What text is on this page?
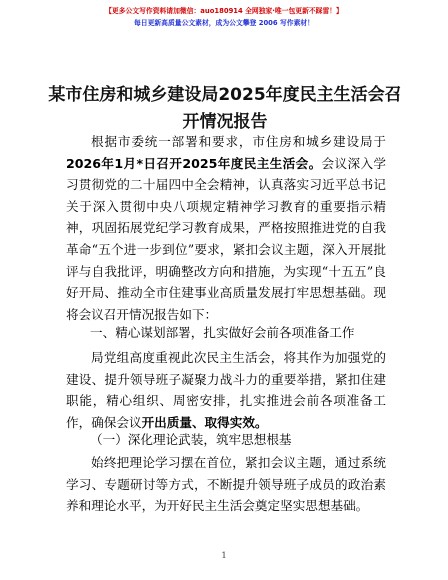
【更多公文写作资料请加微信：auo180914 全网独家·唯一包更新不踩雷！】
每日更新高质量公文素材，成为公文攀登 2006 写作素材！
某市住房和城乡建设局2025年度民主生活会召开情况报告
根据市委统一部署和要求，市住房和城乡建设局于2026年1月*日召开2025年度民主生活会。会议深入学习贯彻党的二十届四中全会精神，认真落实习近平总书记关于深入贯彻中央八项规定精神学习教育的重要指示精神，巩固拓展党纪学习教育成果，严格按照推进党的自我革命“五个进一步到位”要求，紧扣会议主题，深入开展批评与自我批评，明确整改方向和措施，为实现“十五五”良好开局、推动全市住建事业高质量发展打牢思想基础。现将会议召开情况报告如下：
一、精心谋划部署，扎实做好会前各项准备工作
局党组高度重视此次民主生活会，将其作为加强党的建设、提升领导班子凝聚力战斗力的重要举措，紧扣住建职能，精心组织、周密安排，扎实推进会前各项准备工作，确保会议开出质量、取得实效。
（一）深化理论武装，筑牢思想根基
始终把理论学习摆在首位，紧扣会议主题，通过系统学习、专题研讨等方式，不断提升领导班子成员的政治素养和理论水平，为开好民主生活会奠定坚实思想基础。
1
